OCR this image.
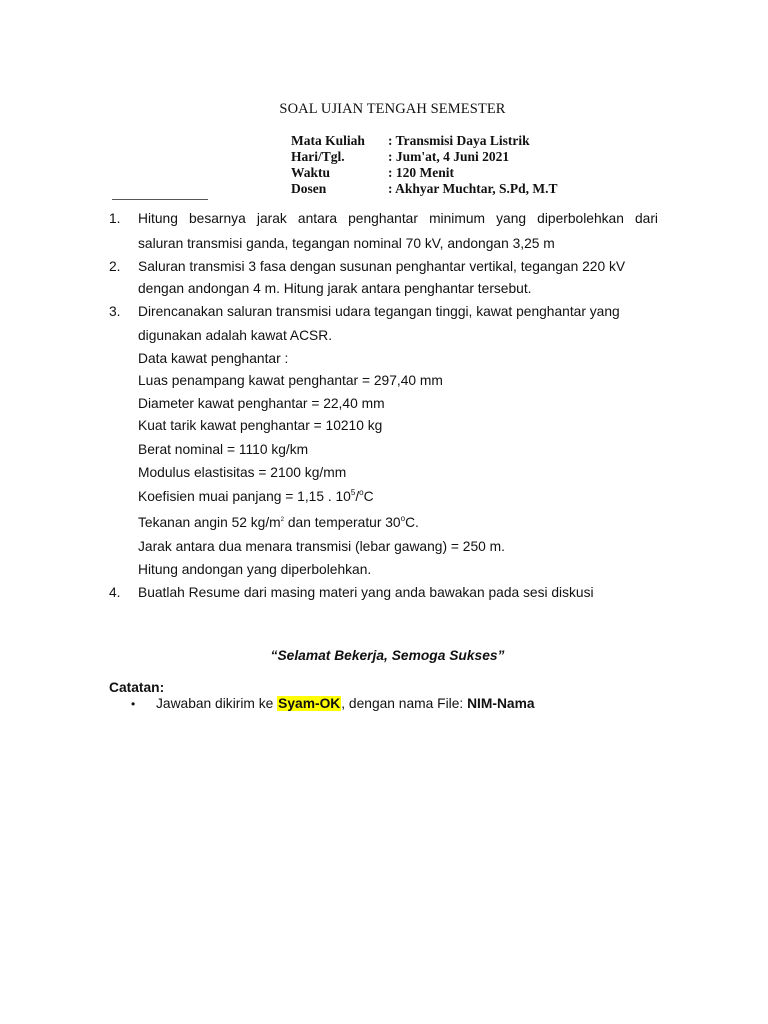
SOAL UJIAN TENGAH SEMESTER
Mata Kuliah	: Transmisi Daya Listrik
Hari/Tgl.	: Jum'at, 4 Juni 2021
Waktu	: 120 Menit
Dosen	: Akhyar Muchtar, S.Pd, M.T
1. Hitung besarnya jarak antara penghantar minimum yang diperbolehkan dari
saluran transmisi ganda, tegangan nominal 70 kV, andongan 3,25 m
2. Saluran transmisi 3 fasa dengan susunan penghantar vertikal, tegangan 220 kV
dengan andongan 4 m. Hitung jarak antara penghantar tersebut.
3. Direncanakan saluran transmisi udara tegangan tinggi, kawat penghantar yang
digunakan adalah kawat ACSR.
Data kawat penghantar :
Luas penampang kawat penghantar = 297,40 mm
Diameter kawat penghantar = 22,40 mm
Kuat tarik kawat penghantar = 10210 kg
Berat nominal = 1110 kg/km
Modulus elastisitas = 2100 kg/mm
Koefisien muai panjang = 1,15 . $10^5/^oC$
Tekanan angin 52 $kg/m^2$ dan temperatur 30$^o$C.
Jarak antara dua menara transmisi (lebar gawang) = 250 m.
Hitung andongan yang diperbolehkan.
4. Buatlah Resume dari masing materi yang anda bawakan pada sesi diskusi
“Selamat Bekerja, Semoga Sukses”
Catatan:
• Jawaban dikirim ke Syam-OK, dengan nama File: NIM-Nama
